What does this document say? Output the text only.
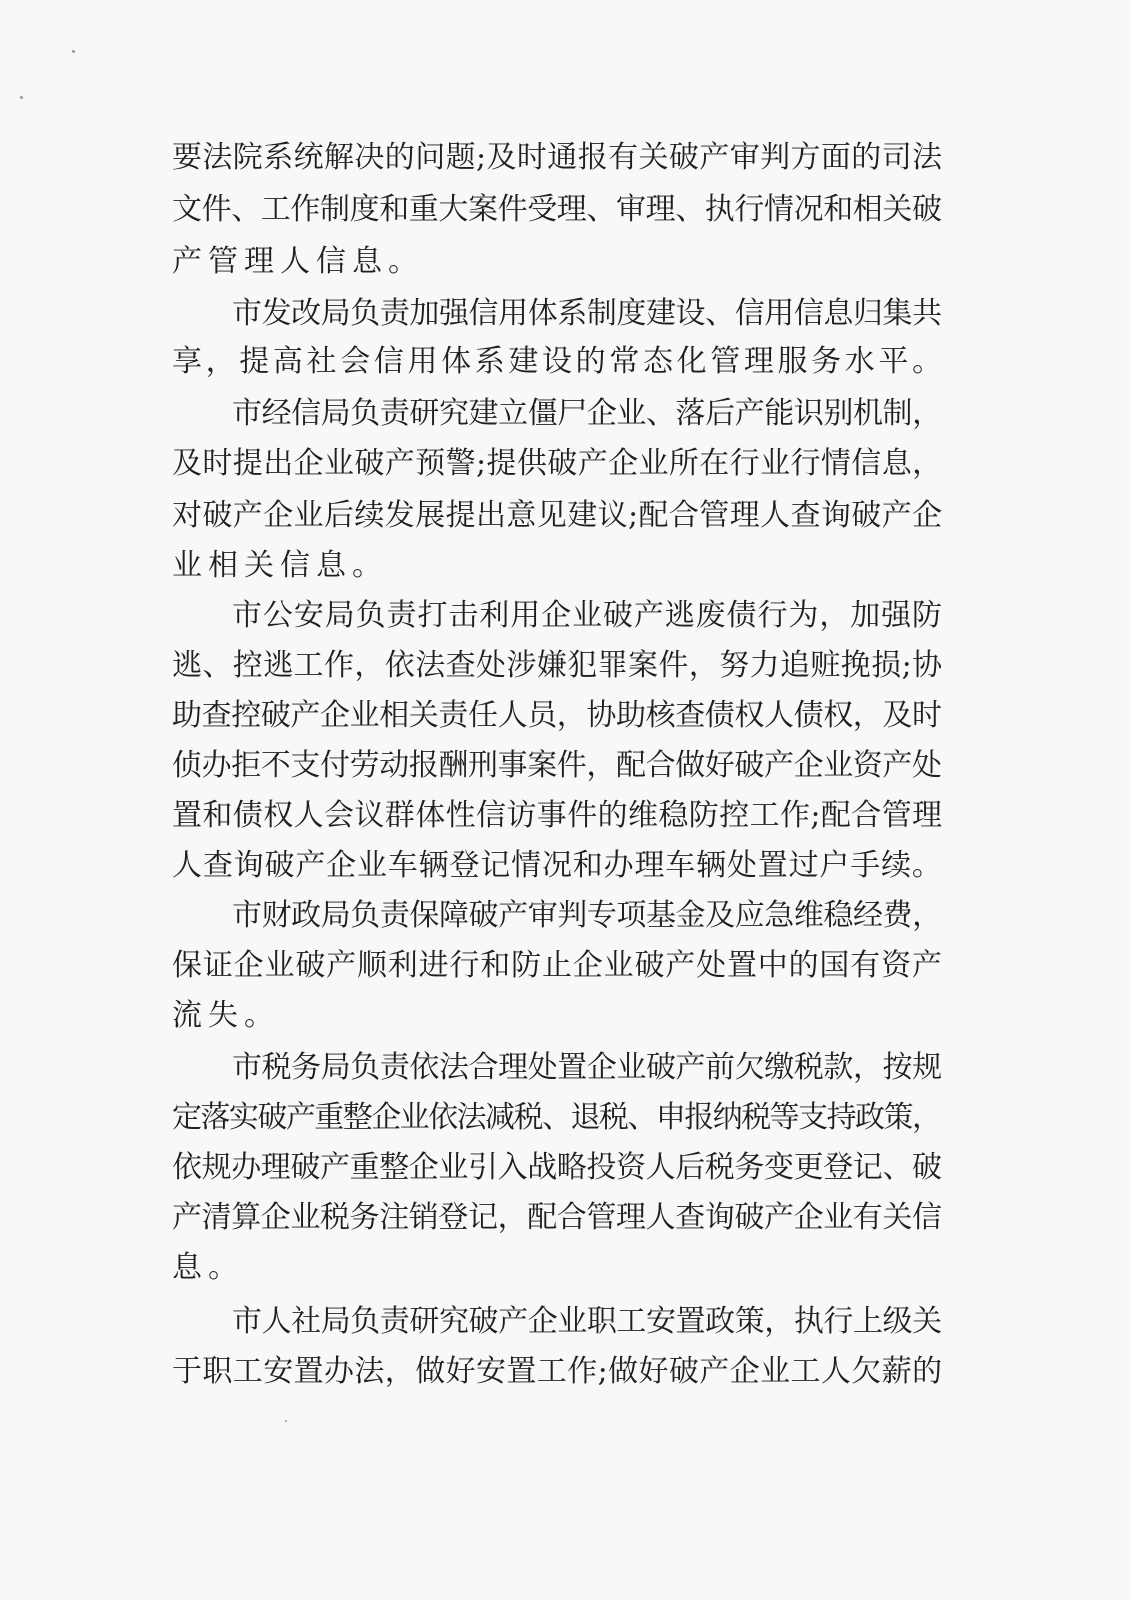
要法院系统解决的问题;及时通报有关破产审判方面的司法
文件、工作制度和重大案件受理、审理、执行情况和相关破
产管理人信息。
市发改局负责加强信用体系制度建设、信用信息归集共
享，提高社会信用体系建设的常态化管理服务水平。
市经信局负责研究建立僵尸企业、落后产能识别机制，
及时提出企业破产预警;提供破产企业所在行业行情信息，
对破产企业后续发展提出意见建议;配合管理人查询破产企
业相关信息。
市公安局负责打击利用企业破产逃废债行为，加强防
逃、控逃工作，依法查处涉嫌犯罪案件，努力追赃挽损;协
助查控破产企业相关责任人员，协助核查债权人债权，及时
侦办拒不支付劳动报酬刑事案件，配合做好破产企业资产处
置和债权人会议群体性信访事件的维稳防控工作;配合管理
人查询破产企业车辆登记情况和办理车辆处置过户手续。
市财政局负责保障破产审判专项基金及应急维稳经费，
保证企业破产顺利进行和防止企业破产处置中的国有资产
流失。
市税务局负责依法合理处置企业破产前欠缴税款，按规
定落实破产重整企业依法减税、退税、申报纳税等支持政策，
依规办理破产重整企业引入战略投资人后税务变更登记、破
产清算企业税务注销登记，配合管理人查询破产企业有关信
息。
市人社局负责研究破产企业职工安置政策，执行上级关
于职工安置办法，做好安置工作;做好破产企业工人欠薪的
